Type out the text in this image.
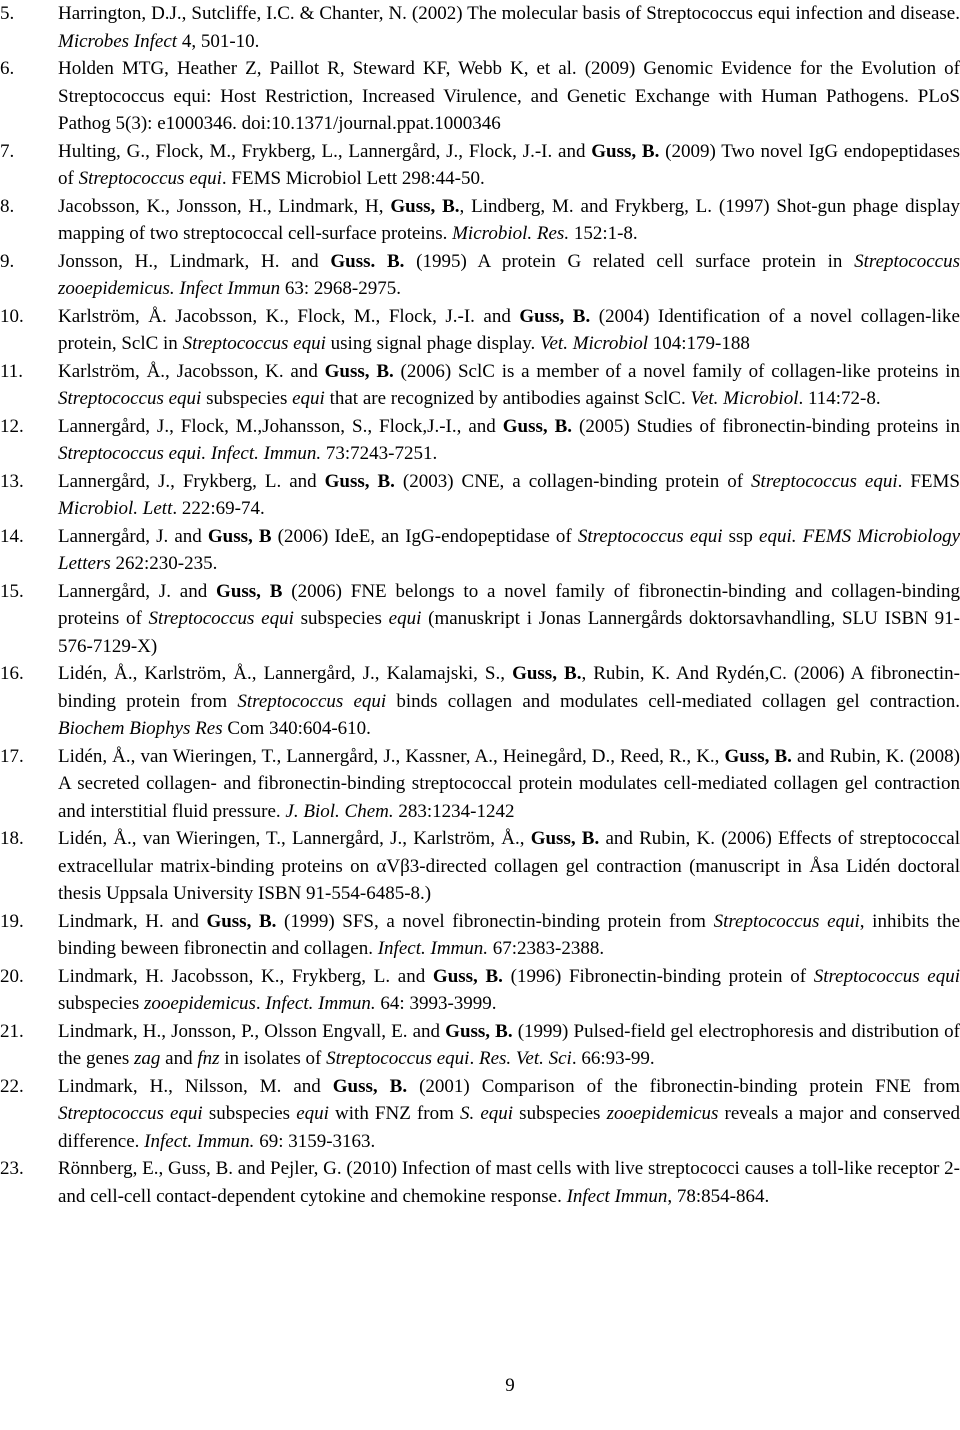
5.	Harrington, D.J., Sutcliffe, I.C. & Chanter, N. (2002) The molecular basis of Streptococcus equi infection and disease. Microbes Infect 4, 501-10.
6.	Holden MTG, Heather Z, Paillot R, Steward KF, Webb K, et al. (2009) Genomic Evidence for the Evolution of Streptococcus equi: Host Restriction, Increased Virulence, and Genetic Exchange with Human Pathogens. PLoS Pathog 5(3): e1000346. doi:10.1371/journal.ppat.1000346
7.	Hulting, G., Flock, M., Frykberg, L., Lannergård, J., Flock, J.-I. and Guss, B. (2009) Two novel IgG endopeptidases of Streptococcus equi. FEMS Microbiol Lett 298:44-50.
8.	Jacobsson, K., Jonsson, H., Lindmark, H, Guss, B., Lindberg, M. and Frykberg, L. (1997) Shot-gun phage display mapping of two streptococcal cell-surface proteins. Microbiol. Res. 152:1-8.
9.	Jonsson, H., Lindmark, H. and Guss. B. (1995) A protein G related cell surface protein in Streptococcus zooepidemicus. Infect Immun 63: 2968-2975.
10.	Karlström, Å. Jacobsson, K., Flock, M., Flock, J.-I. and Guss, B. (2004) Identification of a novel collagen-like protein, SclC in Streptococcus equi using signal phage display. Vet. Microbiol 104:179-188
11.	Karlström, Å., Jacobsson, K. and Guss, B. (2006) SclC is a member of a novel family of collagen-like proteins in Streptococcus equi subspecies equi that are recognized by antibodies against SclC. Vet. Microbiol. 114:72-8.
12.	Lannergård, J., Flock, M.,Johansson, S., Flock,J.-I., and Guss, B. (2005) Studies of fibronectin-binding proteins in Streptococcus equi. Infect. Immun. 73:7243-7251.
13.	Lannergård, J., Frykberg, L. and Guss, B. (2003) CNE, a collagen-binding protein of Streptococcus equi. FEMS Microbiol. Lett. 222:69-74.
14.	Lannergård, J. and Guss, B (2006) IdeE, an IgG-endopeptidase of Streptococcus equi ssp equi. FEMS Microbiology Letters 262:230-235.
15.	Lannergård, J. and Guss, B (2006) FNE belongs to a novel family of fibronectin-binding and collagen-binding proteins of Streptococcus equi subspecies equi (manuskript i Jonas Lannergårds doktorsavhandling, SLU ISBN 91-576-7129-X)
16.	Lidén, Å., Karlström, Å., Lannergård, J., Kalamajski, S., Guss, B., Rubin, K. And Rydén,C. (2006) A fibronectin-binding protein from Streptococcus equi binds collagen and modulates cell-mediated collagen gel contraction. Biochem Biophys Res Com 340:604-610.
17.	Lidén, Å., van Wieringen, T., Lannergård, J., Kassner, A., Heinegård, D., Reed, R., K., Guss, B. and Rubin, K. (2008) A secreted collagen- and fibronectin-binding streptococcal protein modulates cell-mediated collagen gel contraction and interstitial fluid pressure. J. Biol. Chem. 283:1234-1242
18.	Lidén, Å., van Wieringen, T., Lannergård, J., Karlström, Å., Guss, B. and Rubin, K. (2006) Effects of streptococcal extracellular matrix-binding proteins on αVβ3-directed collagen gel contraction (manuscript in Åsa Lidén doctoral thesis Uppsala University ISBN 91-554-6485-8.)
19.	Lindmark, H. and Guss, B. (1999) SFS, a novel fibronectin-binding protein from Streptococcus equi, inhibits the binding beween fibronectin and collagen. Infect. Immun. 67:2383-2388.
20.	Lindmark, H. Jacobsson, K., Frykberg, L. and Guss, B. (1996) Fibronectin-binding protein of Streptococcus equi subspecies zooepidemicus. Infect. Immun. 64: 3993-3999.
21.	Lindmark, H., Jonsson, P., Olsson Engvall, E. and Guss, B. (1999) Pulsed-field gel electrophoresis and distribution of the genes zag and fnz in isolates of Streptococcus equi. Res. Vet. Sci. 66:93-99.
22.	Lindmark, H., Nilsson, M. and Guss, B. (2001) Comparison of the fibronectin-binding protein FNE from Streptococcus equi subspecies equi with FNZ from S. equi subspecies zooepidemicus reveals a major and conserved difference. Infect. Immun. 69: 3159-3163.
23.	Rönnberg, E., Guss, B. and Pejler, G. (2010) Infection of mast cells with live streptococci causes a toll-like receptor 2-and cell-cell contact-dependent cytokine and chemokine response. Infect Immun, 78:854-864.
9
